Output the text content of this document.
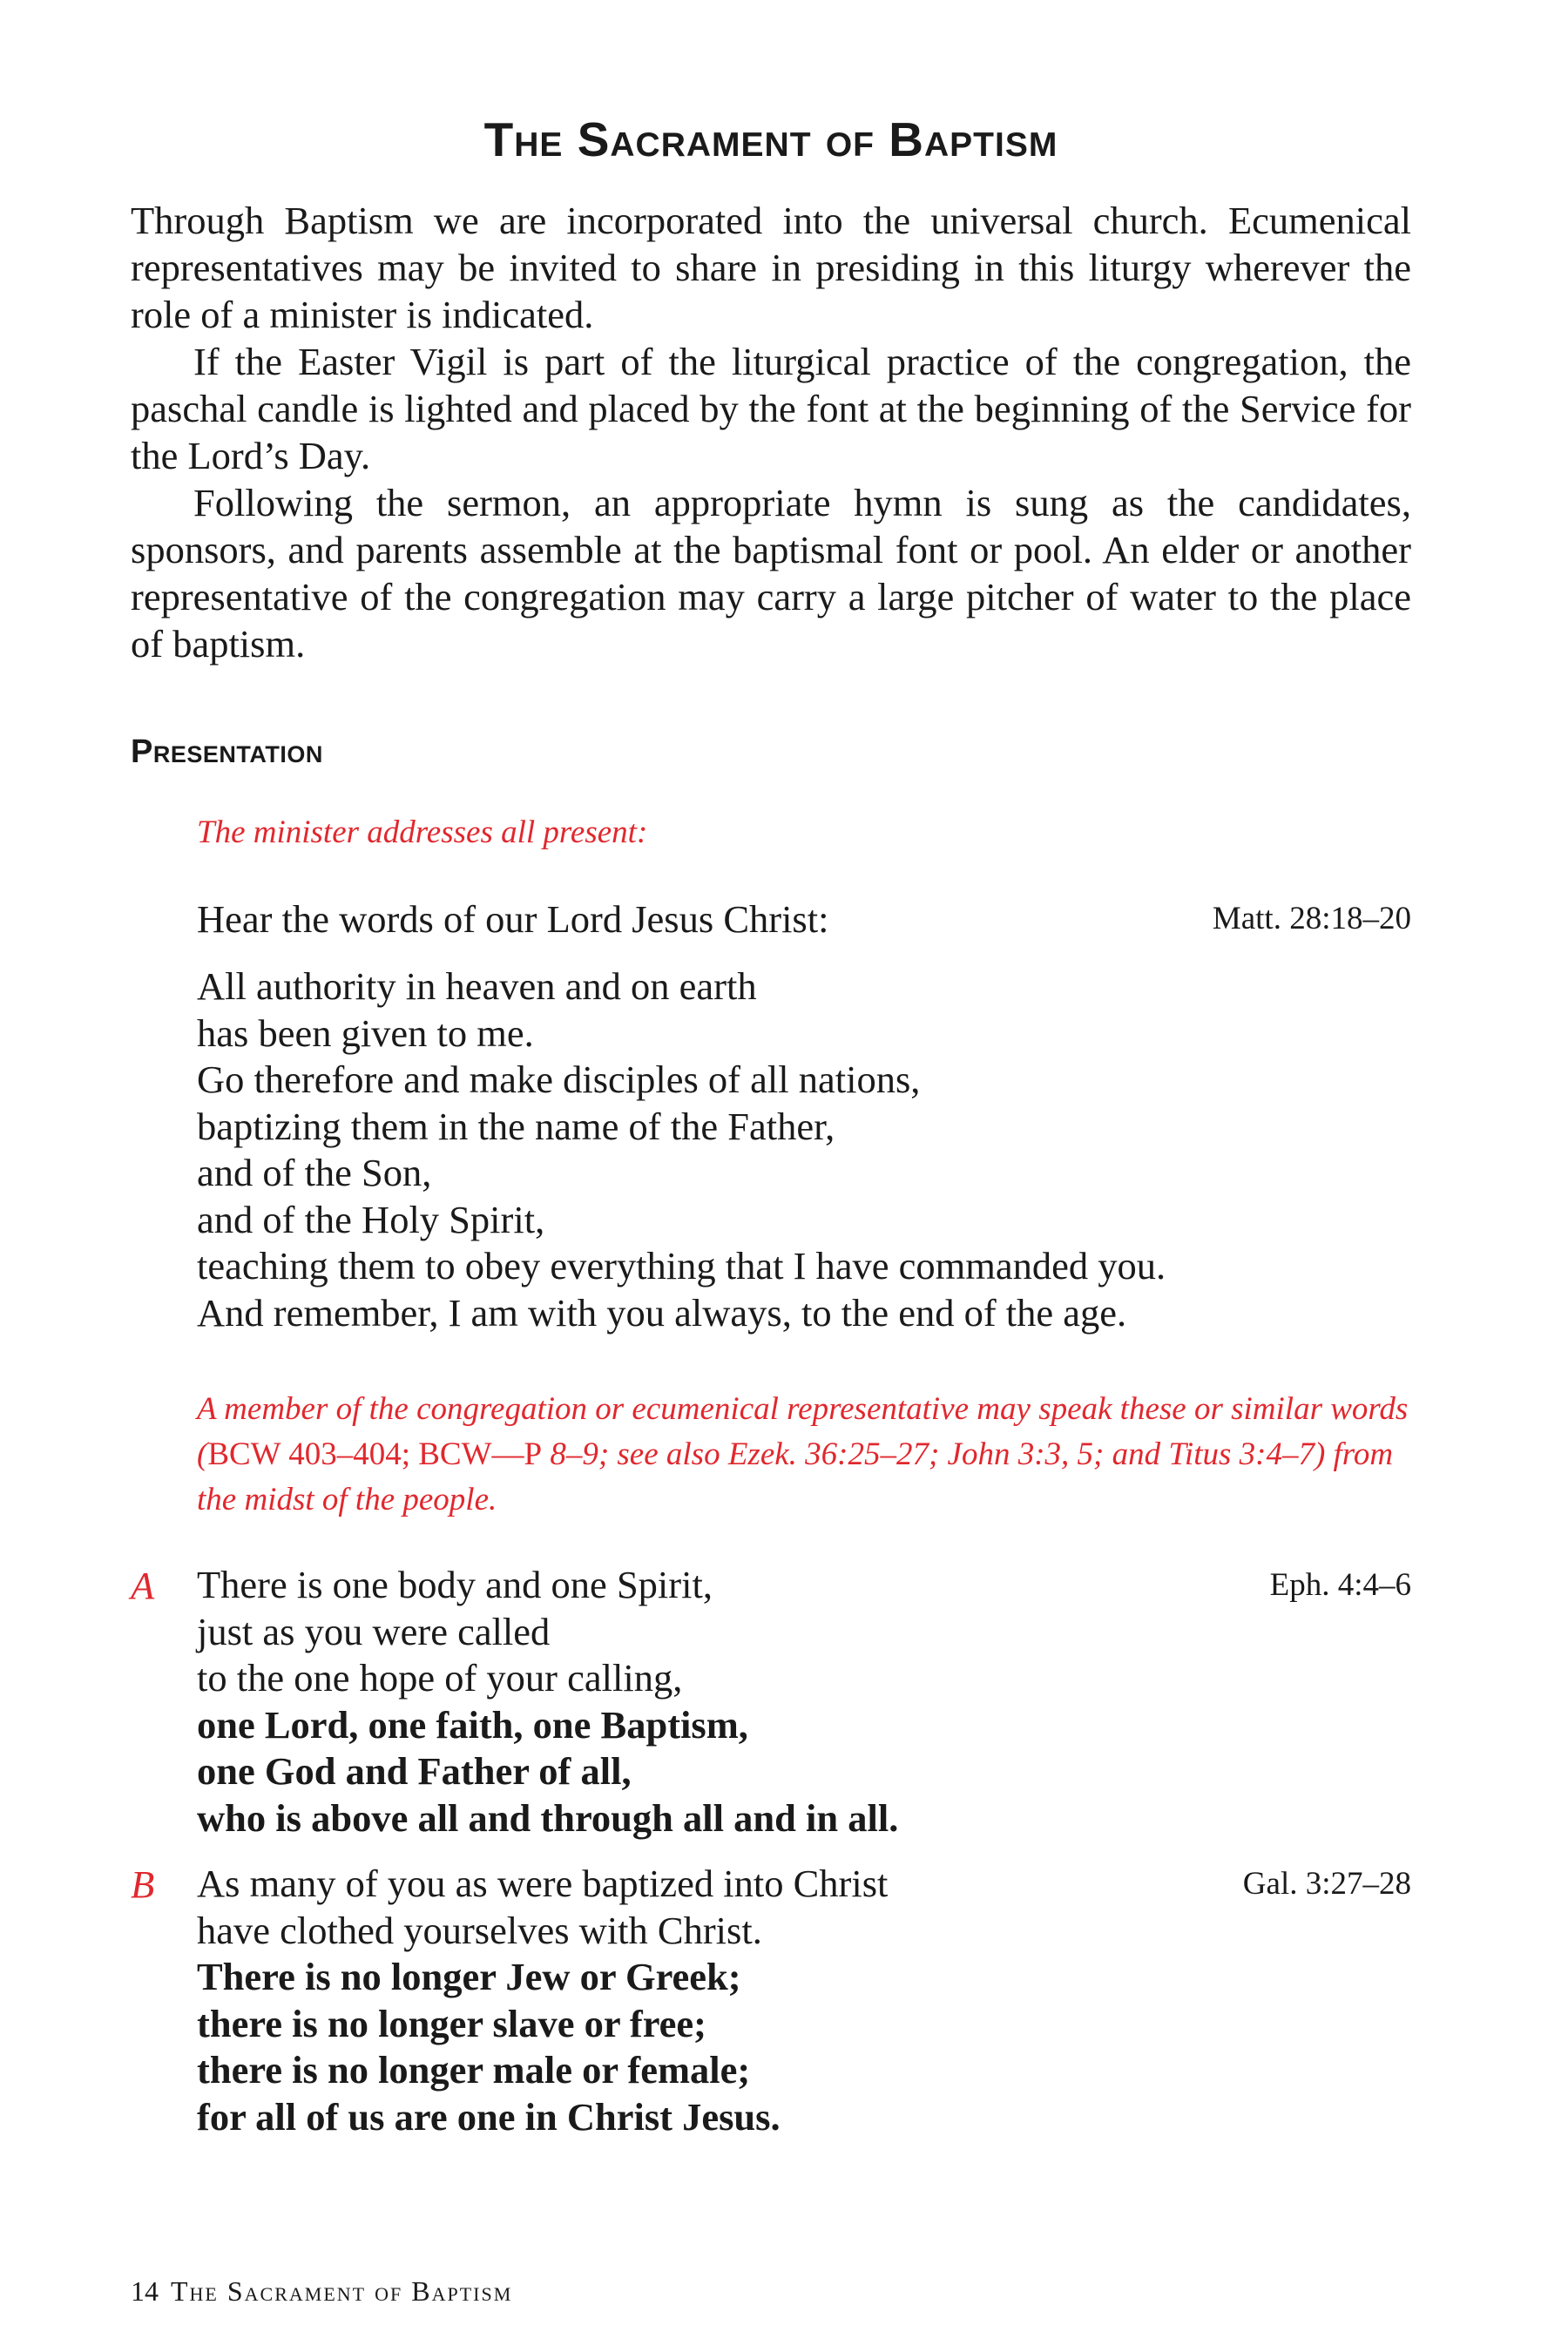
The Sacrament of Baptism

Through Baptism we are incorporated into the universal church. Ecumenical representatives may be invited to share in presiding in this liturgy wherever the role of a minister is indicated.

If the Easter Vigil is part of the liturgical practice of the congregation, the paschal candle is lighted and placed by the font at the beginning of the Service for the Lord’s Day.

Following the sermon, an appropriate hymn is sung as the candidates, sponsors, and parents assemble at the baptismal font or pool. An elder or another representative of the congregation may carry a large pitcher of water to the place of baptism.

Presentation

The minister addresses all present:

Hear the words of our Lord Jesus Christ:	Matt. 28:18–20
All authority in heaven and on earth
has been given to me.
Go therefore and make disciples of all nations,
baptizing them in the name of the Father,
and of the Son,
and of the Holy Spirit,
teaching them to obey everything that I have commanded you.
And remember, I am with you always, to the end of the age.

A member of the congregation or ecumenical representative may speak these or similar words (BCW 403–404; BCW—P 8–9; see also Ezek. 36:25–27; John 3:3, 5; and Titus 3:4–7) from the midst of the people.

A	Eph. 4:4–6
There is one body and one Spirit,
just as you were called
to the one hope of your calling,
one Lord, one faith, one Baptism,
one God and Father of all,
who is above all and through all and in all.
B	Gal. 3:27–28
As many of you as were baptized into Christ
have clothed yourselves with Christ.
There is no longer Jew or Greek;
there is no longer slave or free;
there is no longer male or female;
for all of us are one in Christ Jesus.
14 The Sacrament of Baptism
